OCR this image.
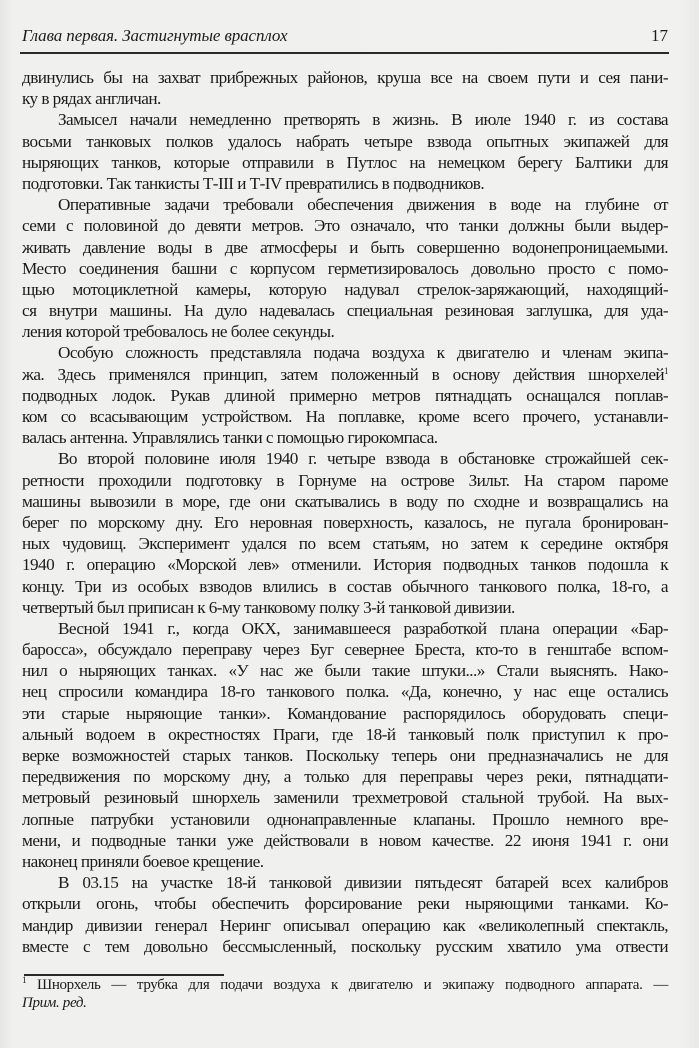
Глава первая. Застигнутые врасплох	17
двинулись бы на захват прибрежных районов, круша все на своем пути и сея пани-
ку в рядах англичан.
Замысел начали немедленно претворять в жизнь. В июле 1940 г. из состава
восьми танковых полков удалось набрать четыре взвода опытных экипажей для
ныряющих танков, которые отправили в Путлос на немецком берегу Балтики для
подготовки. Так танкисты Т-III и Т-IV превратились в подводников.
Оперативные задачи требовали обеспечения движения в воде на глубине от
семи с половиной до девяти метров. Это означало, что танки должны были выдер-
живать давление воды в две атмосферы и быть совершенно водонепроницаемыми.
Место соединения башни с корпусом герметизировалось довольно просто с помо-
щью мотоциклетной камеры, которую надувал стрелок-заряжающий, находящий-
ся внутри машины. На дуло надевалась специальная резиновая заглушка, для уда-
ления которой требовалось не более секунды.
Особую сложность представляла подача воздуха к двигателю и членам экипа-
жа. Здесь применялся принцип, затем положенный в основу действия шнорхелей$^1$
подводных лодок. Рукав длиной примерно метров пятнадцать оснащался поплав-
ком со всасывающим устройством. На поплавке, кроме всего прочего, устанавли-
валась антенна. Управлялись танки с помощью гирокомпаса.
Во второй половине июля 1940 г. четыре взвода в обстановке строжайшей сек-
ретности проходили подготовку в Горнуме на острове Зильт. На старом пароме
машины вывозили в море, где они скатывались в воду по сходне и возвращались на
берег по морскому дну. Его неровная поверхность, казалось, не пугала бронирован-
ных чудовищ. Эксперимент удался по всем статьям, но затем к середине октября
1940 г. операцию «Морской лев» отменили. История подводных танков подошла к
концу. Три из особых взводов влились в состав обычного танкового полка, 18-го, а
четвертый был приписан к 6-му танковому полку 3-й танковой дивизии.
Весной 1941 г., когда ОКХ, занимавшееся разработкой плана операции «Бар-
баросса», обсуждало переправу через Буг севернее Бреста, кто-то в генштабе вспом-
нил о ныряющих танках. «У нас же были такие штуки...» Стали выяснять. Нако-
нец спросили командира 18-го танкового полка. «Да, конечно, у нас еще остались
эти старые ныряющие танки». Командование распорядилось оборудовать специ-
альный водоем в окрестностях Праги, где 18-й танковый полк приступил к про-
верке возможностей старых танков. Поскольку теперь они предназначались не для
передвижения по морскому дну, а только для переправы через реки, пятнадцати-
метровый резиновый шнорхель заменили трехметровой стальной трубой. На вых-
лопные патрубки установили однонаправленные клапаны. Прошло немного вре-
мени, и подводные танки уже действовали в новом качестве. 22 июня 1941 г. они
наконец приняли боевое крещение.
В 03.15 на участке 18-й танковой дивизии пятьдесят батарей всех калибров
открыли огонь, чтобы обеспечить форсирование реки ныряющими танками. Ко-
мандир дивизии генерал Неринг описывал операцию как «великолепный спектакль,
вместе с тем довольно бессмысленный, поскольку русским хватило ума отвести
$^1$ Шнорхель — трубка для подачи воздуха к двигателю и экипажу подводного аппарата. —
Прим. ред.
